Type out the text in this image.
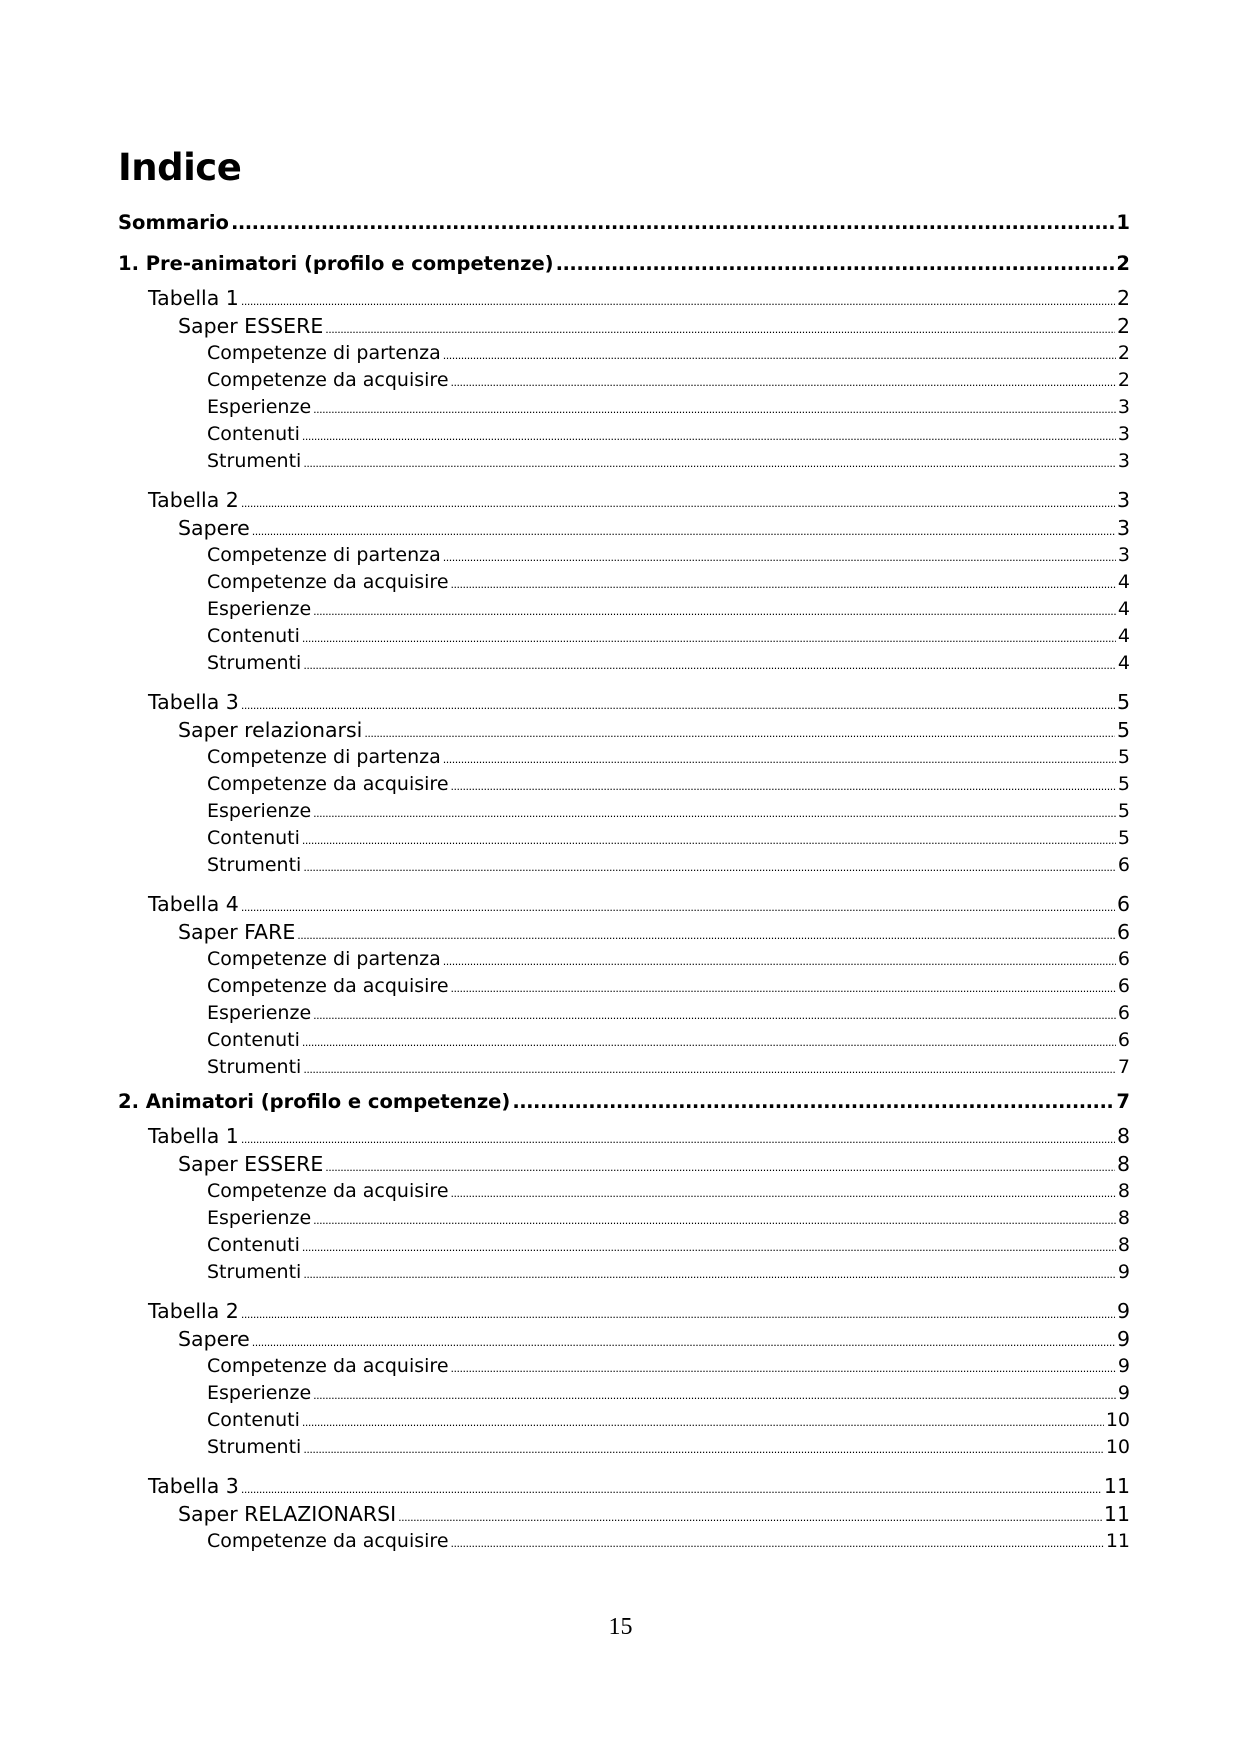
Indice
Sommario .....	1
1. Pre-animatori (profilo e competenze) .....	2
Tabella 1 .....	2
Saper ESSERE .....	2
Competenze di partenza .....	2
Competenze da acquisire .....	2
Esperienze .....	3
Contenuti .....	3
Strumenti .....	3
Tabella 2 .....	3
Sapere .....	3
Competenze di partenza .....	3
Competenze da acquisire .....	4
Esperienze .....	4
Contenuti .....	4
Strumenti .....	4
Tabella 3 .....	5
Saper relazionarsi .....	5
Competenze di partenza .....	5
Competenze da acquisire .....	5
Esperienze .....	5
Contenuti .....	5
Strumenti .....	6
Tabella 4 .....	6
Saper FARE .....	6
Competenze di partenza .....	6
Competenze da acquisire .....	6
Esperienze .....	6
Contenuti .....	6
Strumenti .....	7
2. Animatori (profilo e competenze) .....	7
Tabella 1 .....	8
Saper ESSERE .....	8
Competenze da acquisire .....	8
Esperienze .....	8
Contenuti .....	8
Strumenti .....	9
Tabella 2 .....	9
Sapere .....	9
Competenze da acquisire .....	9
Esperienze .....	9
Contenuti .....	10
Strumenti .....	10
Tabella 3 .....	11
Saper RELAZIONARSI .....	11
Competenze da acquisire .....	11
15
